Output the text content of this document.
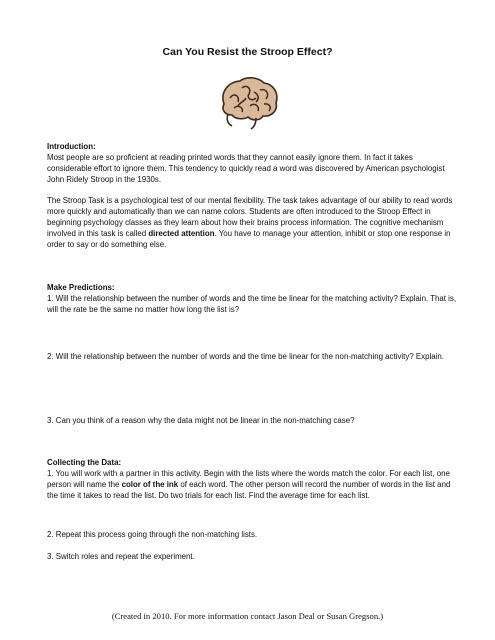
Can You Resist the Stroop Effect?

Introduction:

Most people are so proficient at reading printed words that they cannot easily ignore them. In fact it takes considerable effort to ignore them. This tendency to quickly read a word was discovered by American psychologist John Ridely Stroop in the 1930s.

The Stroop Task is a psychological test of our mental flexibility. The task takes advantage of our ability to read words more quickly and automatically than we can name colors. Students are often introduced to the Stroop Effect in beginning psychology classes as they learn about how their brains process information. The cognitive mechanism involved in this task is called directed attention. You have to manage your attention, inhibit or stop one response in order to say or do something else.

Make Predictions:

1. Will the relationship between the number of words and the time be linear for the matching activity? Explain. That is, will the rate be the same no matter how long the list is?

2. Will the relationship between the number of words and the time be linear for the non-matching activity? Explain.

3. Can you think of a reason why the data might not be linear in the non-matching case?

Collecting the Data:

1. You will work with a partner in this activity. Begin with the lists where the words match the color. For each list, one person will name the color of the ink of each word. The other person will record the number of words in the list and the time it takes to read the list. Do two trials for each list. Find the average time for each list.

2. Repeat this process going through the non-matching lists.

3. Switch roles and repeat the experiment.

(Created in 2010. For more information contact Jason Deal or Susan Gregson.)
